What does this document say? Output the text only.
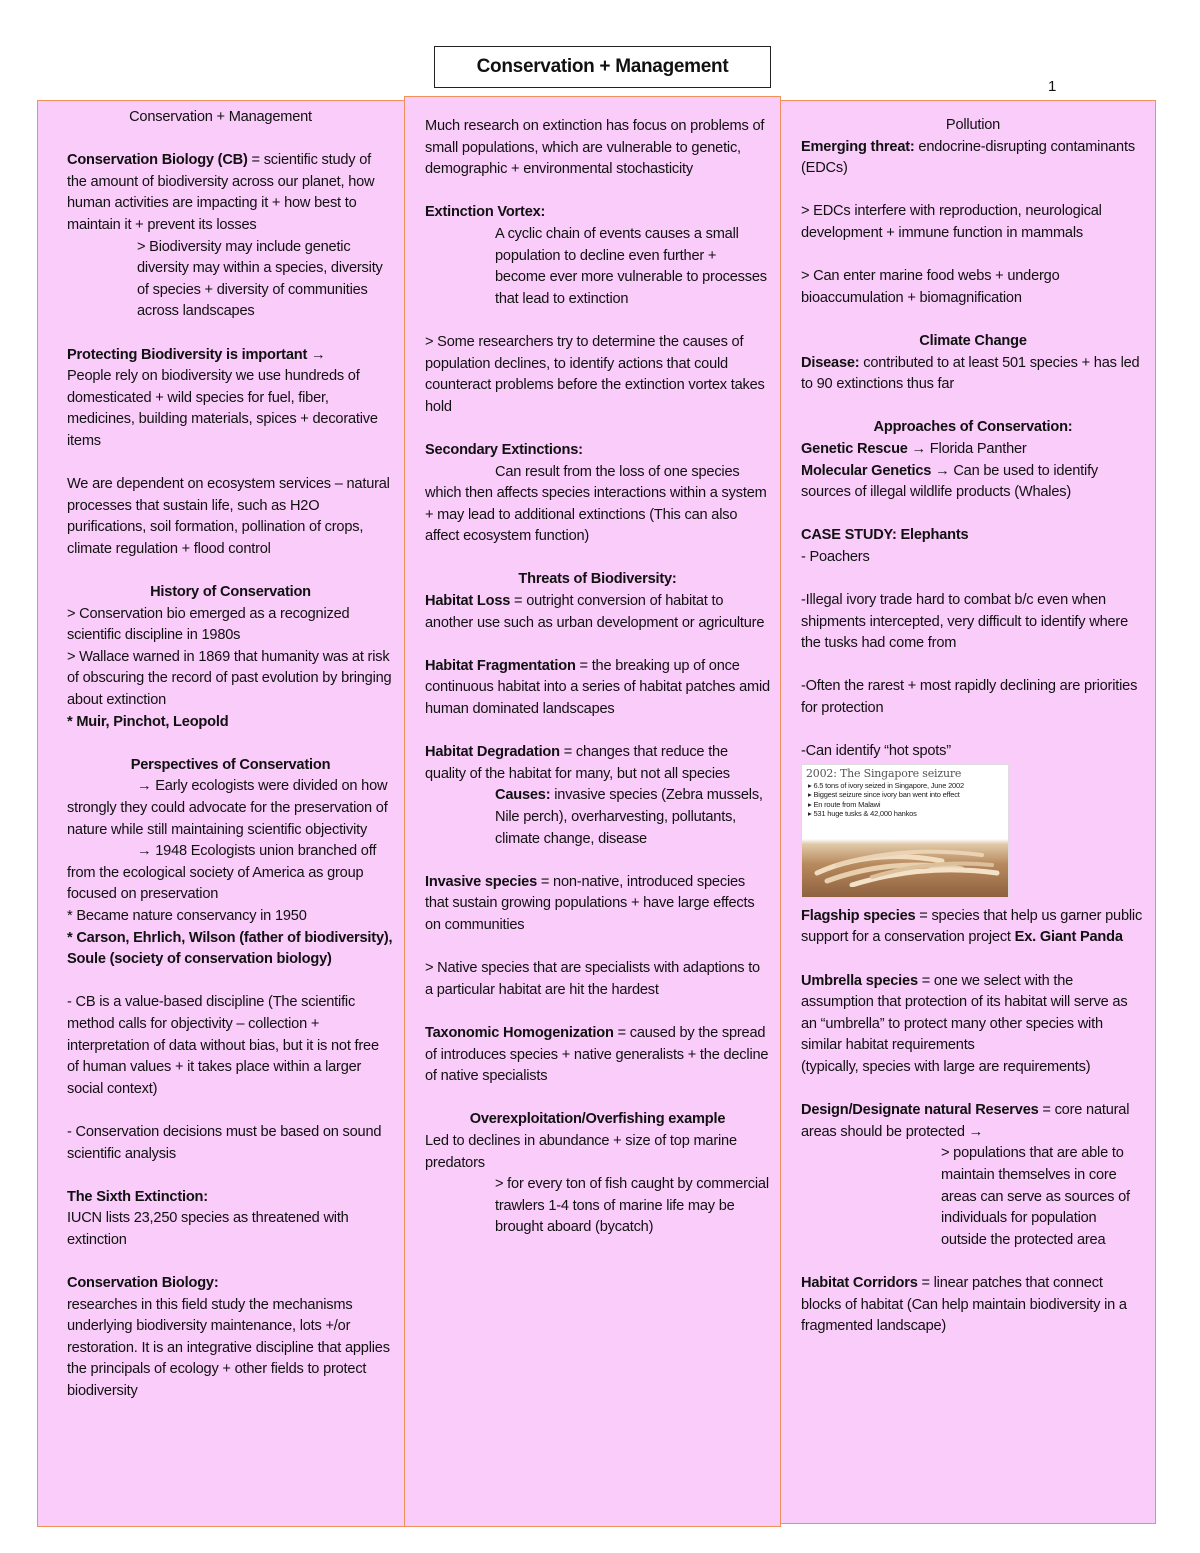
Conservation + Management
1

Conservation + Management

Conservation Biology (CB) = scientific study of the amount of biodiversity across our planet, how human activities are impacting it + how best to maintain it + prevent its losses

> Biodiversity may include genetic diversity may within a species, diversity of species + diversity of communities across landscapes

Protecting Biodiversity is important →

People rely on biodiversity we use hundreds of domesticated + wild species for fuel, fiber, medicines, building materials, spices + decorative items

We are dependent on ecosystem services – natural processes that sustain life, such as H2O purifications, soil formation, pollination of crops, climate regulation + flood control

History of Conservation

> Conservation bio emerged as a recognized scientific discipline in 1980s

> Wallace warned in 1869 that humanity was at risk of obscuring the record of past evolution by bringing about extinction

* Muir, Pinchot, Leopold

Perspectives of Conservation

→ Early ecologists were divided on how strongly they could advocate for the preservation of nature while still maintaining scientific objectivity

→ 1948 Ecologists union branched off from the ecological society of America as group focused on preservation

* Became nature conservancy in 1950

* Carson, Ehrlich, Wilson (father of biodiversity), Soule (society of conservation biology)

- CB is a value-based discipline (The scientific method calls for objectivity – collection + interpretation of data without bias, but it is not free of human values + it takes place within a larger social context)

- Conservation decisions must be based on sound scientific analysis

The Sixth Extinction:

IUCN lists 23,250 species as threatened with extinction

Conservation Biology:

researches in this field study the mechanisms underlying biodiversity maintenance, lots +/or restoration. It is an integrative discipline that applies the principals of ecology + other fields to protect biodiversity

Much research on extinction has focus on problems of small populations, which are vulnerable to genetic, demographic + environmental stochasticity

Extinction Vortex:

A cyclic chain of events causes a small population to decline even further + become ever more vulnerable to processes that lead to extinction

> Some researchers try to determine the causes of population declines, to identify actions that could counteract problems before the extinction vortex takes hold

Secondary Extinctions:

Can result from the loss of one species which then affects species interactions within a system + may lead to additional extinctions (This can also affect ecosystem function)

Threats of Biodiversity:

Habitat Loss = outright conversion of habitat to another use such as urban development or agriculture

Habitat Fragmentation = the breaking up of once continuous habitat into a series of habitat patches amid human dominated landscapes

Habitat Degradation = changes that reduce the quality of the habitat for many, but not all species

Causes: invasive species (Zebra mussels, Nile perch), overharvesting, pollutants, climate change, disease

Invasive species = non-native, introduced species that sustain growing populations + have large effects on communities

> Native species that are specialists with adaptions to a particular habitat are hit the hardest

Taxonomic Homogenization = caused by the spread of introduces species + native generalists + the decline of native specialists

Overexploitation/Overfishing example

Led to declines in abundance + size of top marine predators

> for every ton of fish caught by commercial trawlers 1-4 tons of marine life may be brought aboard (bycatch)

Pollution

Emerging threat: endocrine-disrupting contaminants (EDCs)

> EDCs interfere with reproduction, neurological development + immune function in mammals

> Can enter marine food webs + undergo bioaccumulation + biomagnification

Climate Change

Disease: contributed to at least 501 species + has led to 90 extinctions thus far

Approaches of Conservation:

Genetic Rescue → Florida Panther

Molecular Genetics → Can be used to identify sources of illegal wildlife products (Whales)

CASE STUDY: Elephants

- Poachers

-Illegal ivory trade hard to combat b/c even when shipments intercepted, very difficult to identify where the tusks had come from

-Often the rarest + most rapidly declining are priorities for protection

-Can identify “hot spots”

2002: The Singapore seizure
▸ 6.5 tons of ivory seized in Singapore, June 2002
▸ Biggest seizure since ivory ban went into effect
▸ En route from Malawi
▸ 531 huge tusks & 42,000 hankos

Flagship species = species that help us garner public support for a conservation project Ex. Giant Panda

Umbrella species = one we select with the assumption that protection of its habitat will serve as an “umbrella” to protect many other species with similar habitat requirements

(typically, species with large are requirements)

Design/Designate natural Reserves = core natural areas should be protected →

> populations that are able to maintain themselves in core areas can serve as sources of individuals for population outside the protected area

Habitat Corridors = linear patches that connect blocks of habitat (Can help maintain biodiversity in a fragmented landscape)
